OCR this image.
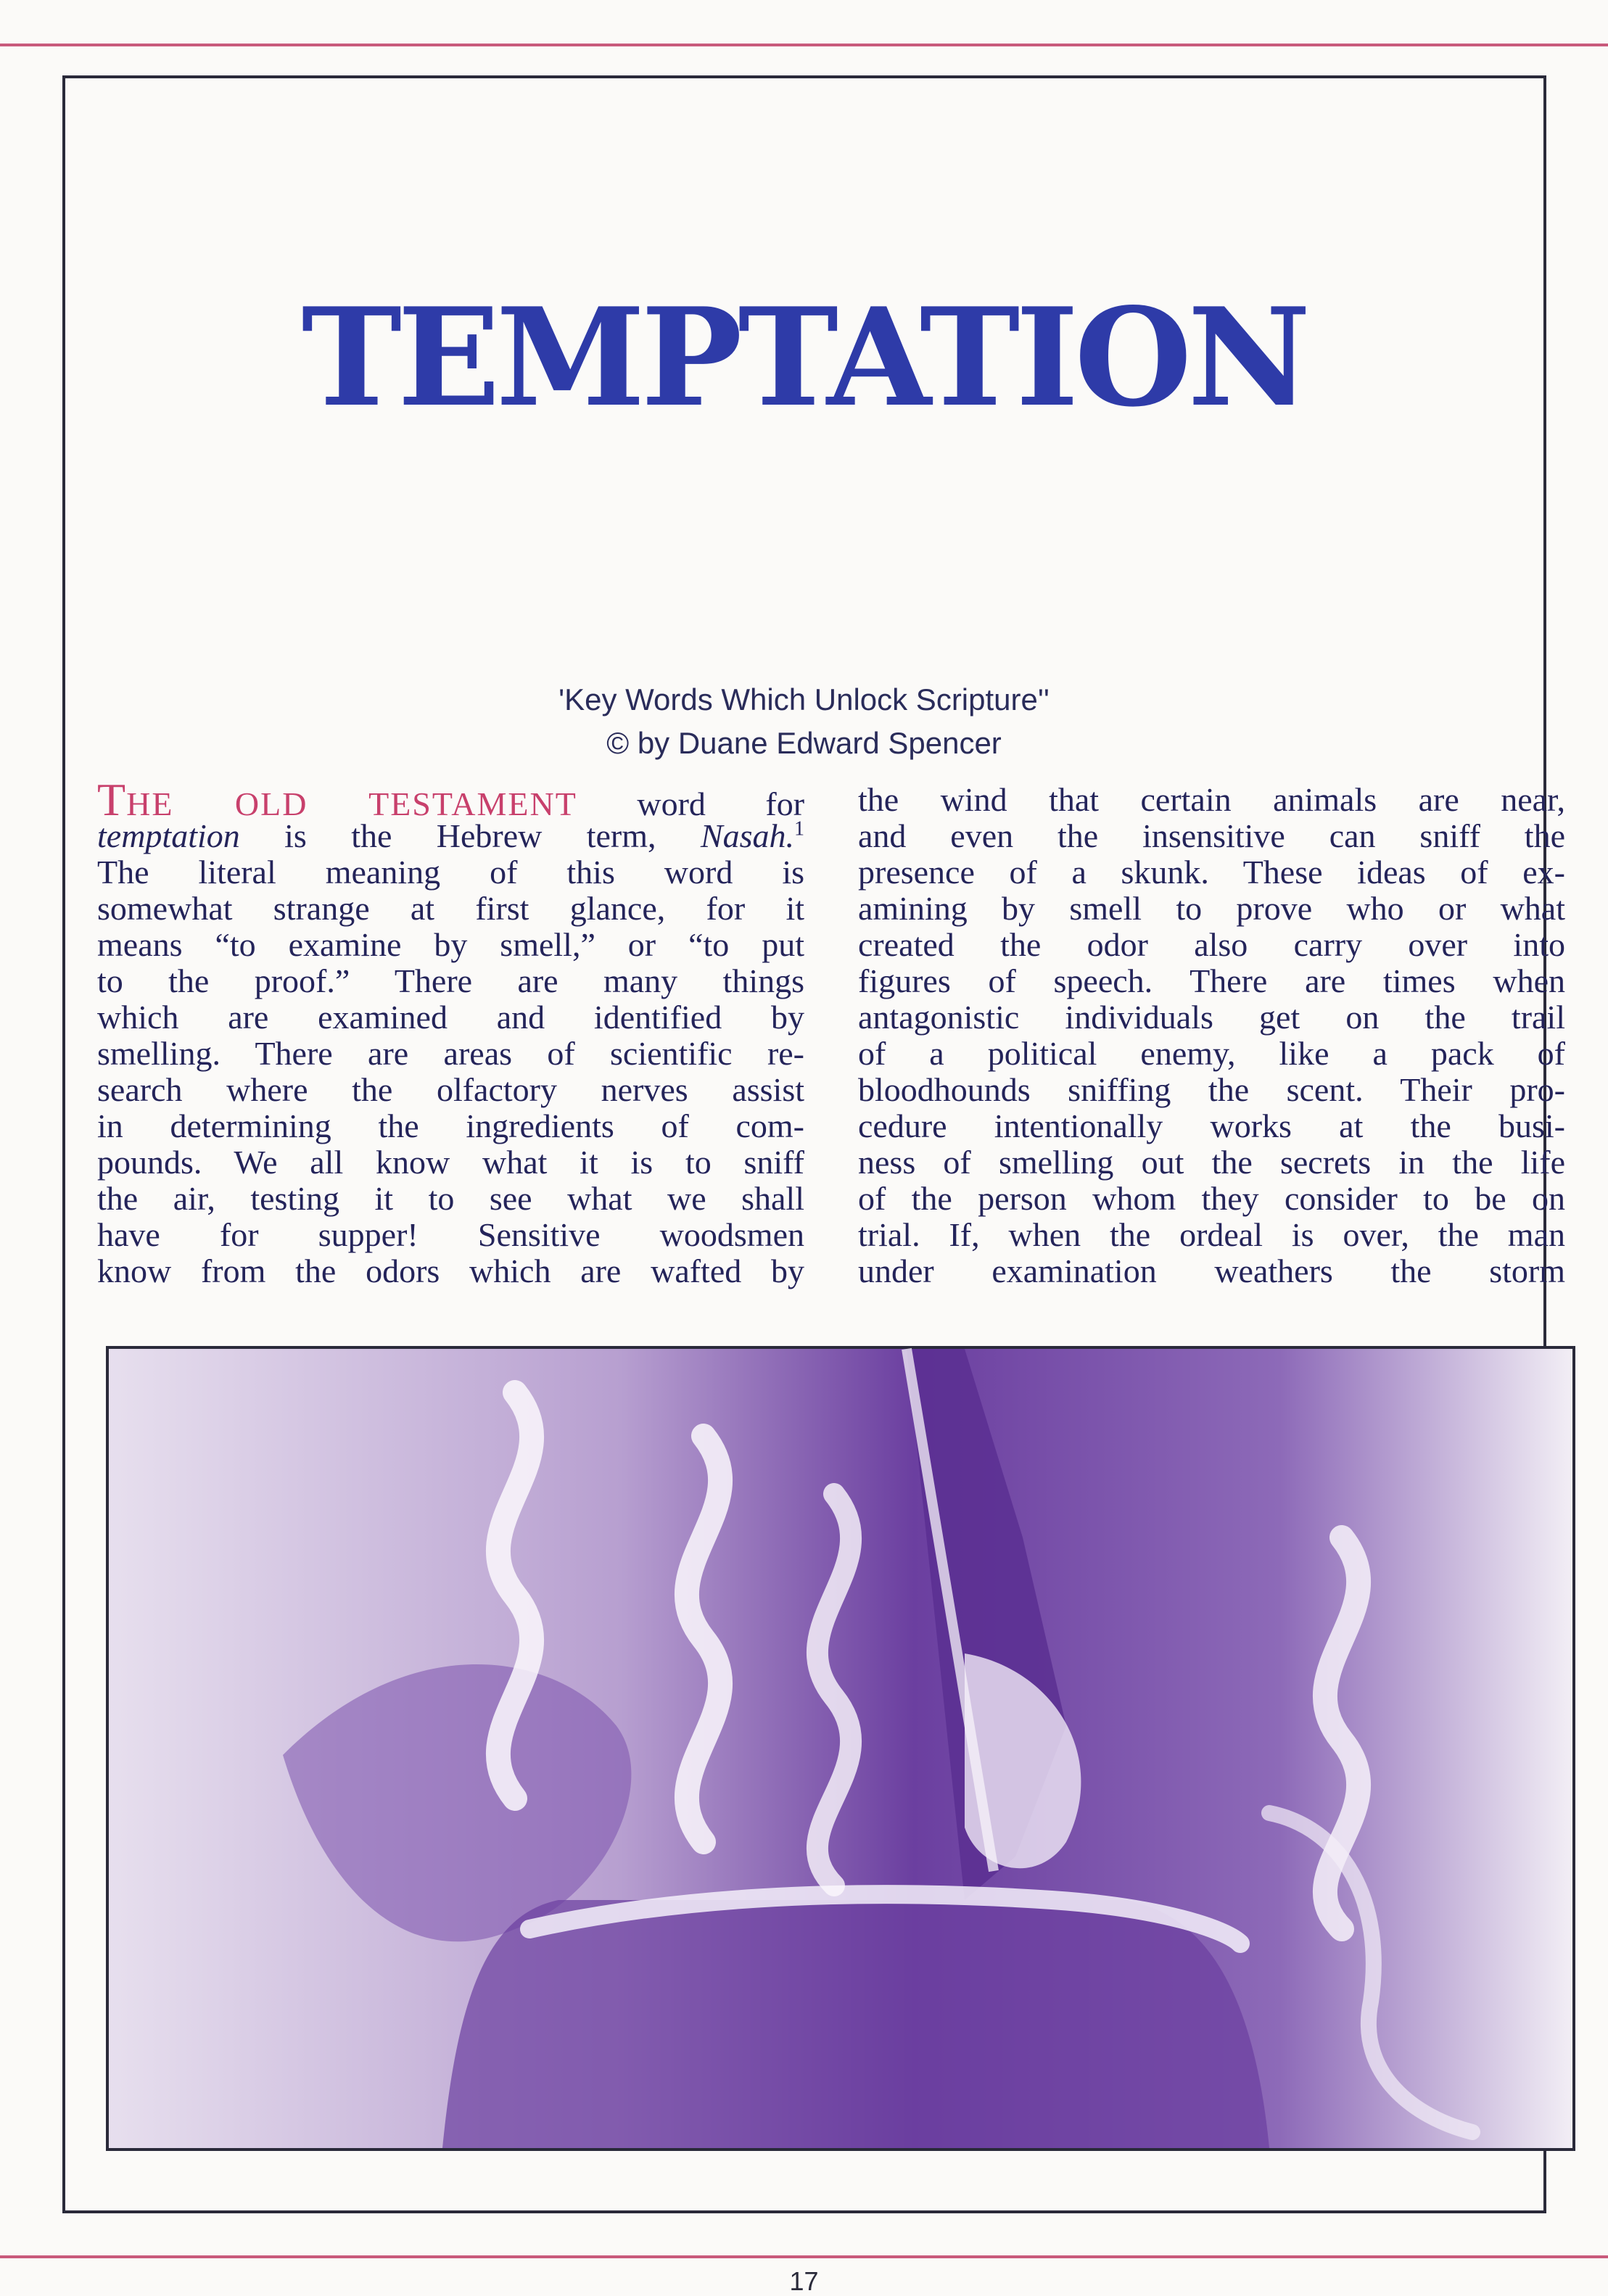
TEMPTATION
'Key Words Which Unlock Scripture''
© by Duane Edward Spencer
THE OLD TESTAMENT word for
temptation is the Hebrew term, Nasah.$^1$
The literal meaning of this word is
somewhat strange at first glance, for it
means “to examine by smell,” or “to put
to the proof.” There are many things
which are examined and identified by
smelling. There are areas of scientific re-
search where the olfactory nerves assist
in determining the ingredients of com-
pounds. We all know what it is to sniff
the air, testing it to see what we shall
have for supper! Sensitive woodsmen
know from the odors which are wafted by
the wind that certain animals are near,
and even the insensitive can sniff the
presence of a skunk. These ideas of ex-
amining by smell to prove who or what
created the odor also carry over into
figures of speech. There are times when
antagonistic individuals get on the trail
of a political enemy, like a pack of
bloodhounds sniffing the scent. Their pro-
cedure intentionally works at the busi-
ness of smelling out the secrets in the life
of the person whom they consider to be on
trial. If, when the ordeal is over, the man
under examination weathers the storm
17
